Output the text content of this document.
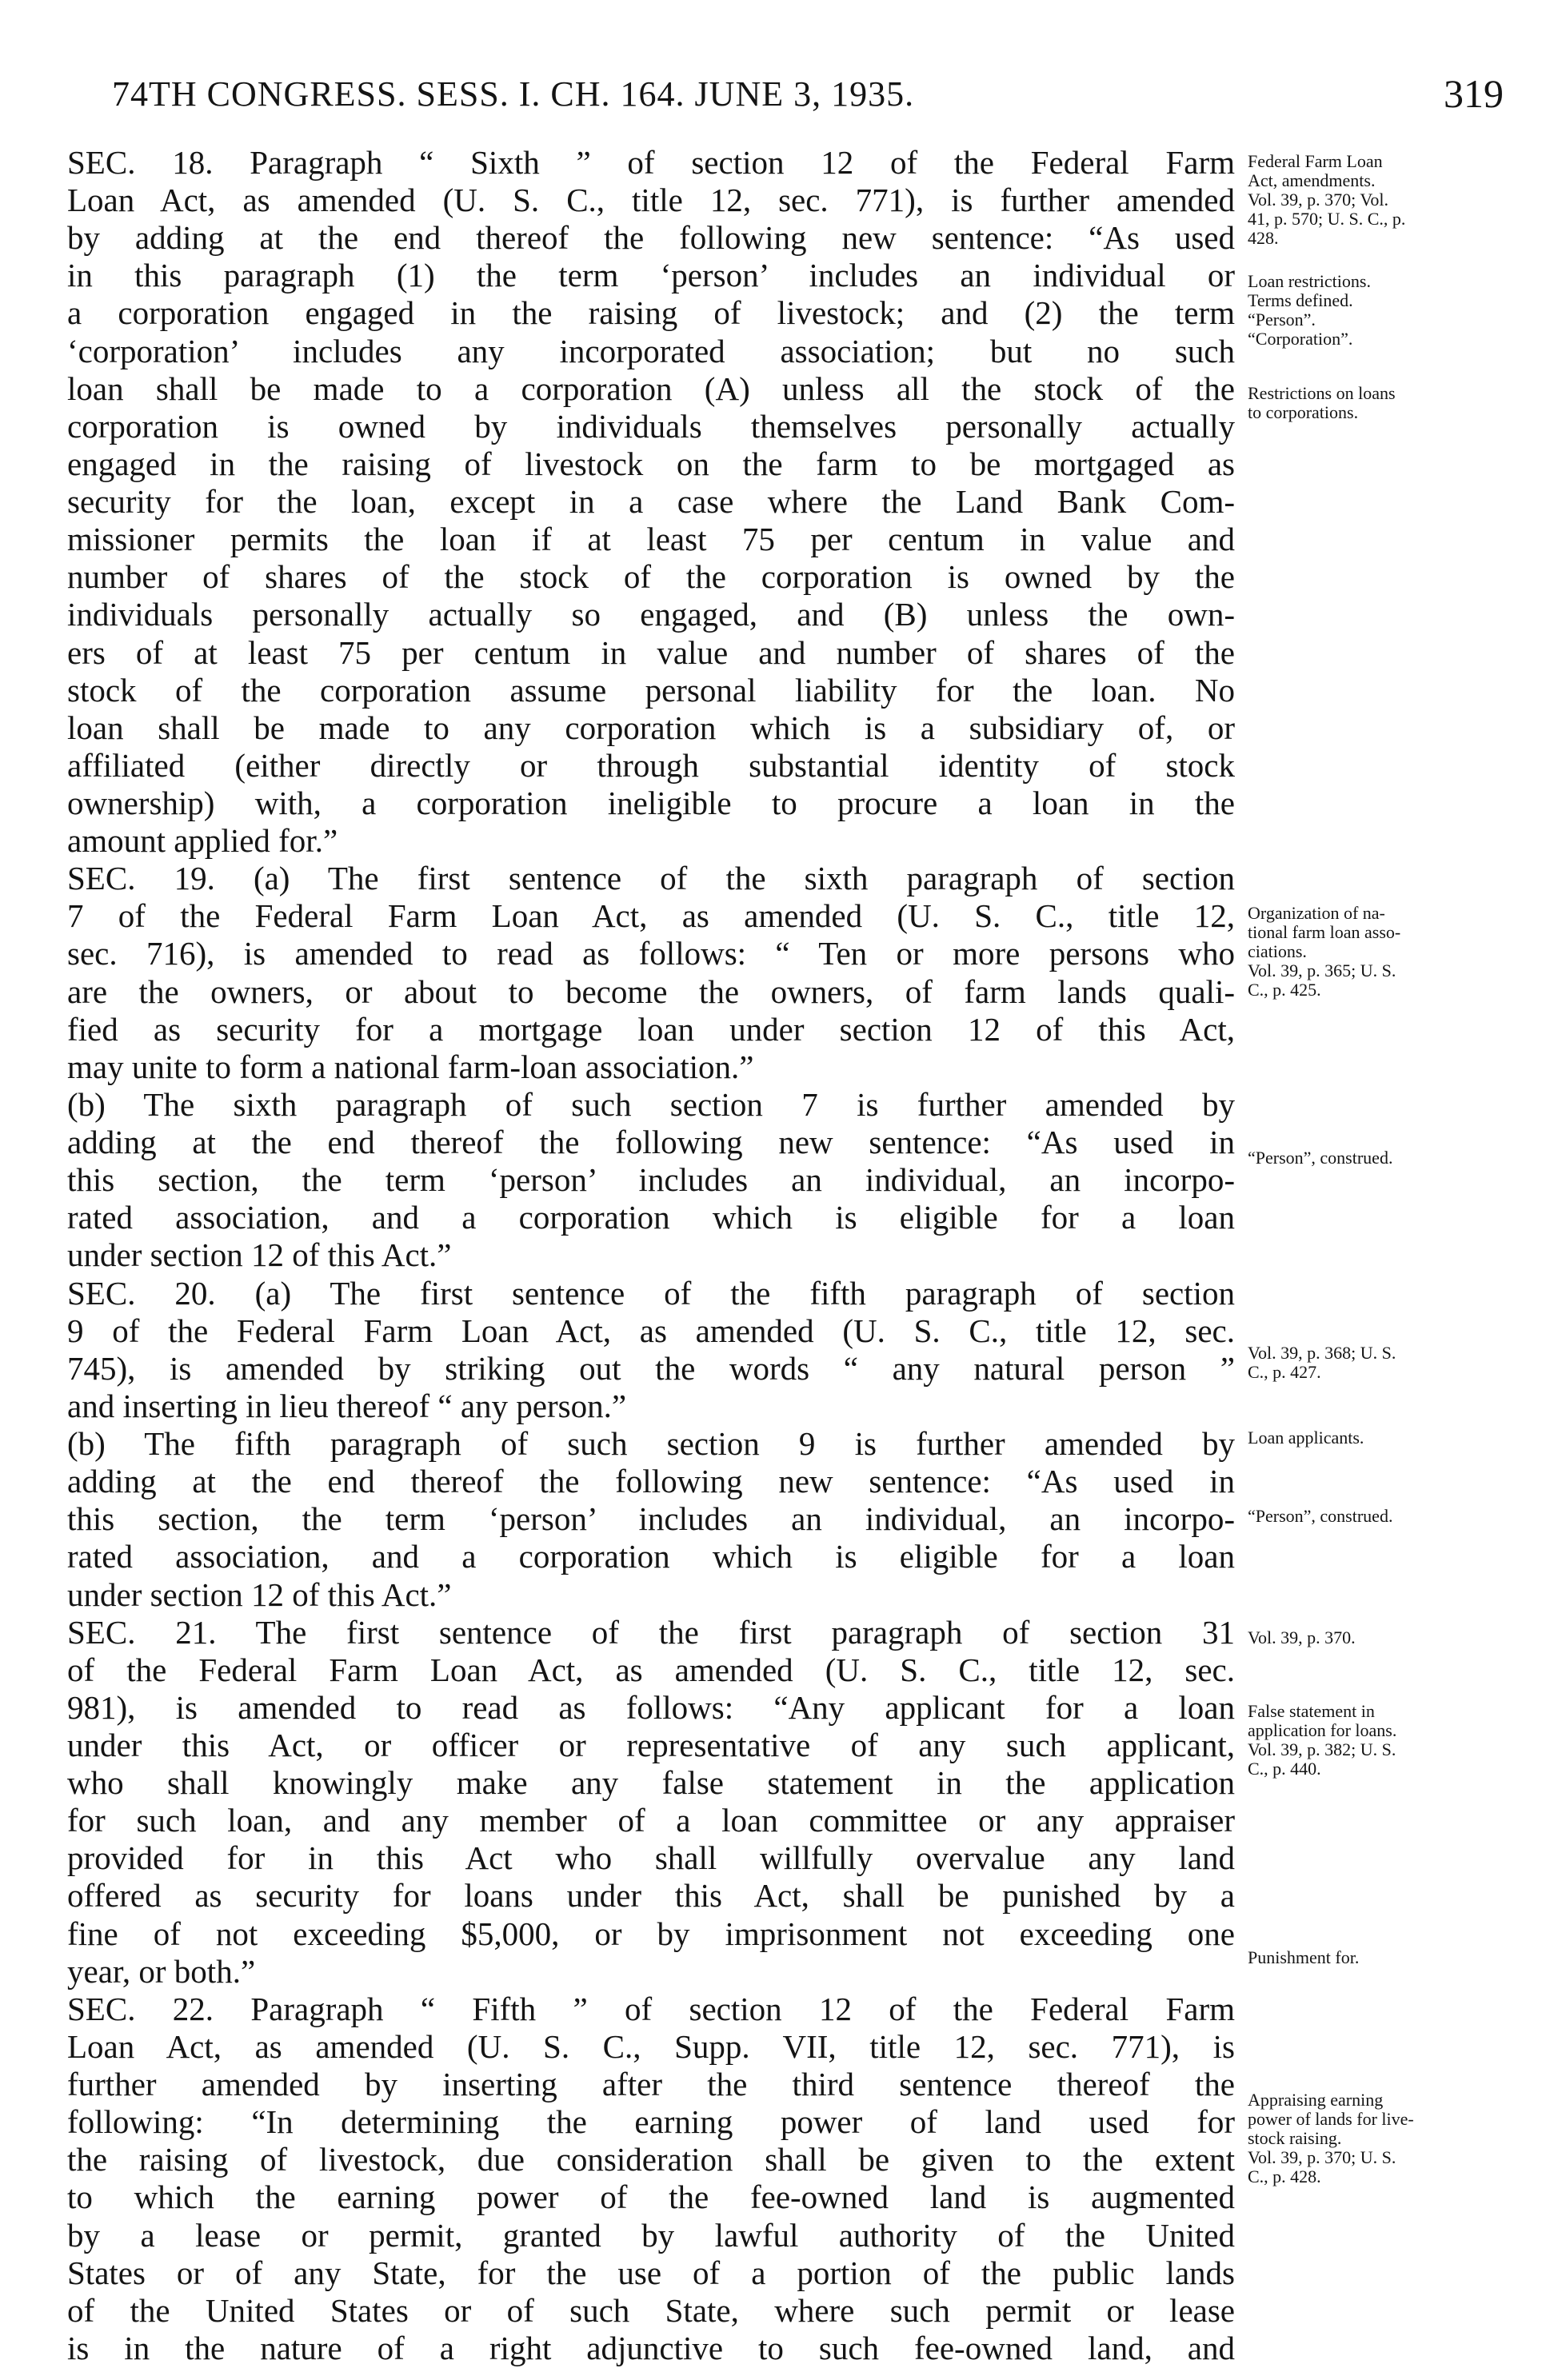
74TH CONGRESS. SESS. I. CH. 164. JUNE 3, 1935.	319
SEC. 18. Paragraph “ Sixth ” of section 12 of the Federal Farm
Loan Act, as amended (U. S. C., title 12, sec. 771), is further amended
by adding at the end thereof the following new sentence: “As used
in this paragraph (1) the term ‘person’ includes an individual or
a corporation engaged in the raising of livestock; and (2) the term
‘corporation’ includes any incorporated association; but no such
loan shall be made to a corporation (A) unless all the stock of the
corporation is owned by individuals themselves personally actually
engaged in the raising of livestock on the farm to be mortgaged as
security for the loan, except in a case where the Land Bank Com-
missioner permits the loan if at least 75 per centum in value and
number of shares of the stock of the corporation is owned by the
individuals personally actually so engaged, and (B) unless the own-
ers of at least 75 per centum in value and number of shares of the
stock of the corporation assume personal liability for the loan. No
loan shall be made to any corporation which is a subsidiary of, or
affiliated (either directly or through substantial identity of stock
ownership) with, a corporation ineligible to procure a loan in the
amount applied for.”
SEC. 19. (a) The first sentence of the sixth paragraph of section
7 of the Federal Farm Loan Act, as amended (U. S. C., title 12,
sec. 716), is amended to read as follows: “ Ten or more persons who
are the owners, or about to become the owners, of farm lands quali-
fied as security for a mortgage loan under section 12 of this Act,
may unite to form a national farm-loan association.”
(b) The sixth paragraph of such section 7 is further amended by
adding at the end thereof the following new sentence: “As used in
this section, the term ‘person’ includes an individual, an incorpo-
rated association, and a corporation which is eligible for a loan
under section 12 of this Act.”
SEC. 20. (a) The first sentence of the fifth paragraph of section
9 of the Federal Farm Loan Act, as amended (U. S. C., title 12, sec.
745), is amended by striking out the words “ any natural person ”
and inserting in lieu thereof “ any person.”
(b) The fifth paragraph of such section 9 is further amended by
adding at the end thereof the following new sentence: “As used in
this section, the term ‘person’ includes an individual, an incorpo-
rated association, and a corporation which is eligible for a loan
under section 12 of this Act.”
SEC. 21. The first sentence of the first paragraph of section 31
of the Federal Farm Loan Act, as amended (U. S. C., title 12, sec.
981), is amended to read as follows: “Any applicant for a loan
under this Act, or officer or representative of any such applicant,
who shall knowingly make any false statement in the application
for such loan, and any member of a loan committee or any appraiser
provided for in this Act who shall willfully overvalue any land
offered as security for loans under this Act, shall be punished by a
fine of not exceeding $5,000, or by imprisonment not exceeding one
year, or both.”
SEC. 22. Paragraph “ Fifth ” of section 12 of the Federal Farm
Loan Act, as amended (U. S. C., Supp. VII, title 12, sec. 771), is
further amended by inserting after the third sentence thereof the
following: “In determining the earning power of land used for
the raising of livestock, due consideration shall be given to the extent
to which the earning power of the fee-owned land is augmented
by a lease or permit, granted by lawful authority of the United
States or of any State, for the use of a portion of the public lands
of the United States or of such State, where such permit or lease
is in the nature of a right adjunctive to such fee-owned land, and
Federal Farm Loan
Act, amendments.
Vol. 39, p. 370; Vol.
41, p. 570; U. S. C., p.
428.
Loan restrictions.
Terms defined.
“Person”.
“Corporation”.
Restrictions on loans
to corporations.
Organization of na-
tional farm loan asso-
ciations.
Vol. 39, p. 365; U. S.
C., p. 425.
“Person”, construed.
Vol. 39, p. 368; U. S.
C., p. 427.
Loan applicants.
“Person”, construed.
Vol. 39, p. 370.
False statement in
application for loans.
Vol. 39, p. 382; U. S.
C., p. 440.
Punishment for.
Appraising earning
power of lands for live-
stock raising.
Vol. 39, p. 370; U. S.
C., p. 428.
